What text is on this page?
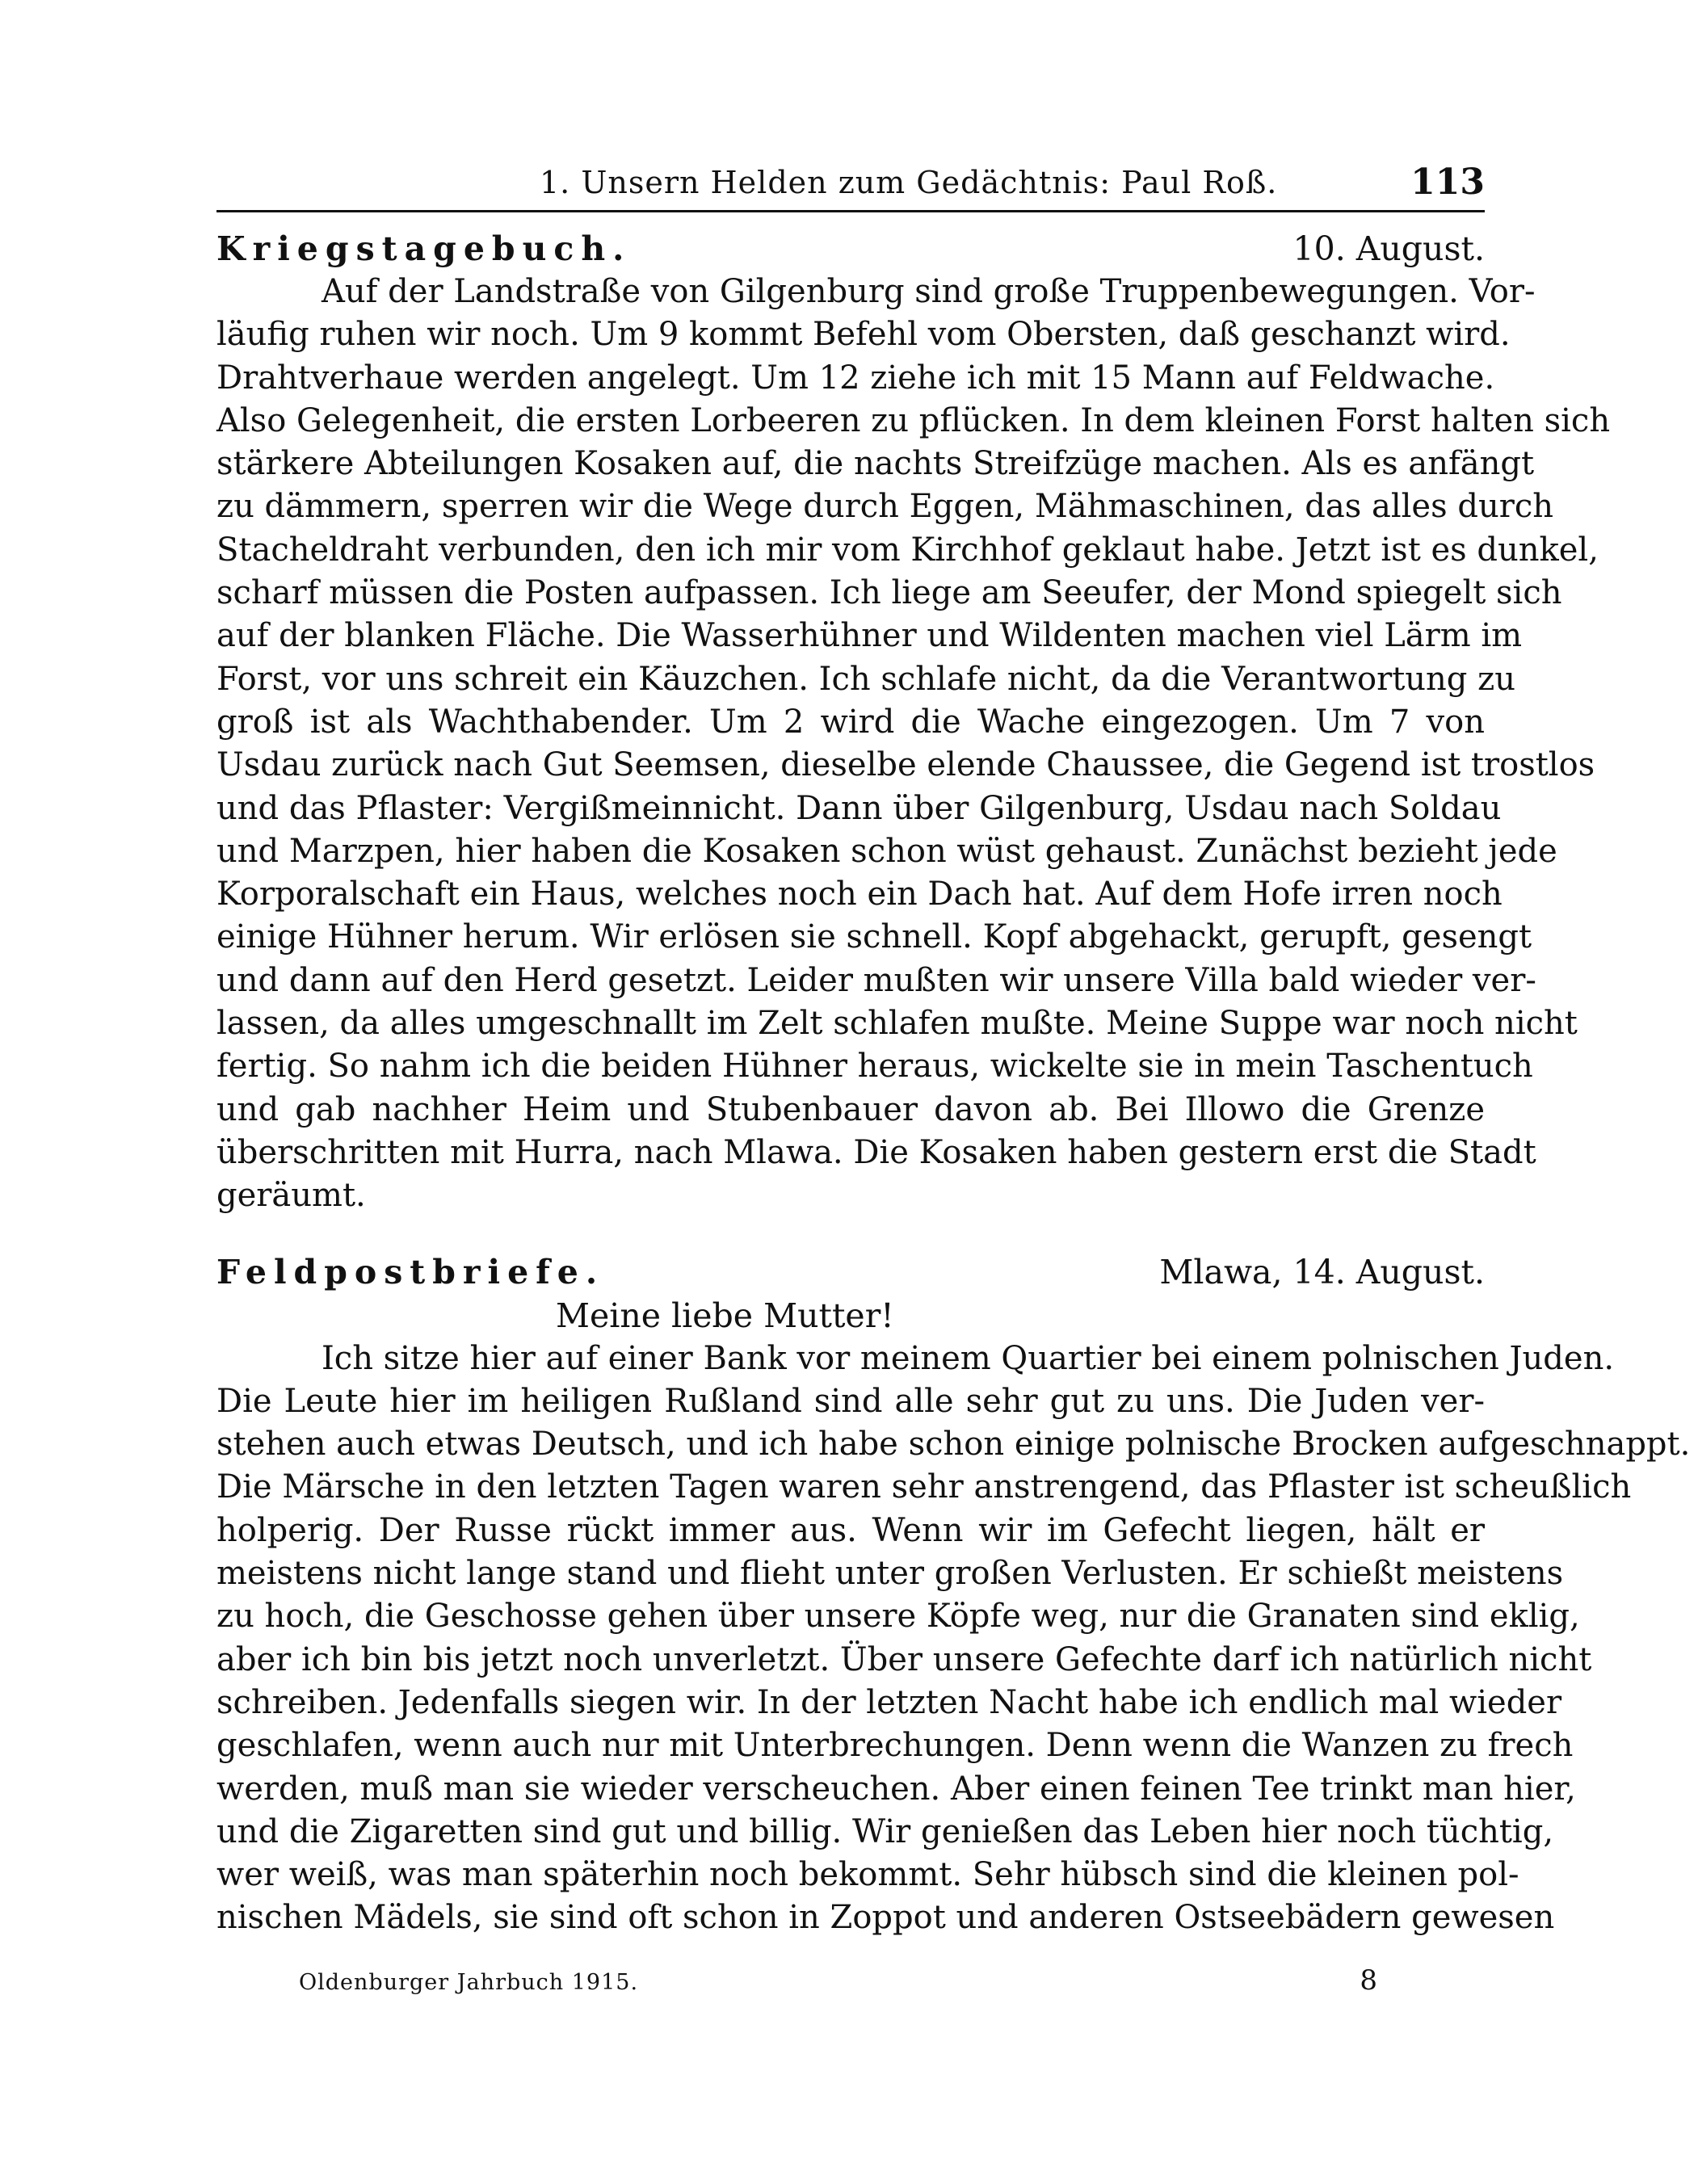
1. Unsern Helden zum Gedächtnis: Paul Roß.	113
Kriegstagebuch.	10. August.
Auf der Landstraße von Gilgenburg sind große Truppenbewegungen. Vor-
läufig ruhen wir noch. Um 9 kommt Befehl vom Obersten, daß geschanzt wird.
Drahtverhaue werden angelegt. Um 12 ziehe ich mit 15 Mann auf Feldwache.
Also Gelegenheit, die ersten Lorbeeren zu pflücken. In dem kleinen Forst halten sich
stärkere Abteilungen Kosaken auf, die nachts Streifzüge machen. Als es anfängt
zu dämmern, sperren wir die Wege durch Eggen, Mähmaschinen, das alles durch
Stacheldraht verbunden, den ich mir vom Kirchhof geklaut habe. Jetzt ist es dunkel,
scharf müssen die Posten aufpassen. Ich liege am Seeufer, der Mond spiegelt sich
auf der blanken Fläche. Die Wasserhühner und Wildenten machen viel Lärm im
Forst, vor uns schreit ein Käuzchen. Ich schlafe nicht, da die Verantwortung zu
groß ist als Wachthabender. Um 2 wird die Wache eingezogen. Um 7 von
Usdau zurück nach Gut Seemsen, dieselbe elende Chaussee, die Gegend ist trostlos
und das Pflaster: Vergißmeinnicht. Dann über Gilgenburg, Usdau nach Soldau
und Marzpen, hier haben die Kosaken schon wüst gehaust. Zunächst bezieht jede
Korporalschaft ein Haus, welches noch ein Dach hat. Auf dem Hofe irren noch
einige Hühner herum. Wir erlösen sie schnell. Kopf abgehackt, gerupft, gesengt
und dann auf den Herd gesetzt. Leider mußten wir unsere Villa bald wieder ver-
lassen, da alles umgeschnallt im Zelt schlafen mußte. Meine Suppe war noch nicht
fertig. So nahm ich die beiden Hühner heraus, wickelte sie in mein Taschentuch
und gab nachher Heim und Stubenbauer davon ab. Bei Illowo die Grenze
überschritten mit Hurra, nach Mlawa. Die Kosaken haben gestern erst die Stadt
geräumt.
Feldpostbriefe.	Mlawa, 14. August.
Meine liebe Mutter!
Ich sitze hier auf einer Bank vor meinem Quartier bei einem polnischen Juden.
Die Leute hier im heiligen Rußland sind alle sehr gut zu uns. Die Juden ver-
stehen auch etwas Deutsch, und ich habe schon einige polnische Brocken aufgeschnappt.
Die Märsche in den letzten Tagen waren sehr anstrengend, das Pflaster ist scheußlich
holperig. Der Russe rückt immer aus. Wenn wir im Gefecht liegen, hält er
meistens nicht lange stand und flieht unter großen Verlusten. Er schießt meistens
zu hoch, die Geschosse gehen über unsere Köpfe weg, nur die Granaten sind eklig,
aber ich bin bis jetzt noch unverletzt. Über unsere Gefechte darf ich natürlich nicht
schreiben. Jedenfalls siegen wir. In der letzten Nacht habe ich endlich mal wieder
geschlafen, wenn auch nur mit Unterbrechungen. Denn wenn die Wanzen zu frech
werden, muß man sie wieder verscheuchen. Aber einen feinen Tee trinkt man hier,
und die Zigaretten sind gut und billig. Wir genießen das Leben hier noch tüchtig,
wer weiß, was man späterhin noch bekommt. Sehr hübsch sind die kleinen pol-
nischen Mädels, sie sind oft schon in Zoppot und anderen Ostseebädern gewesen
Oldenburger Jahrbuch 1915.	8
